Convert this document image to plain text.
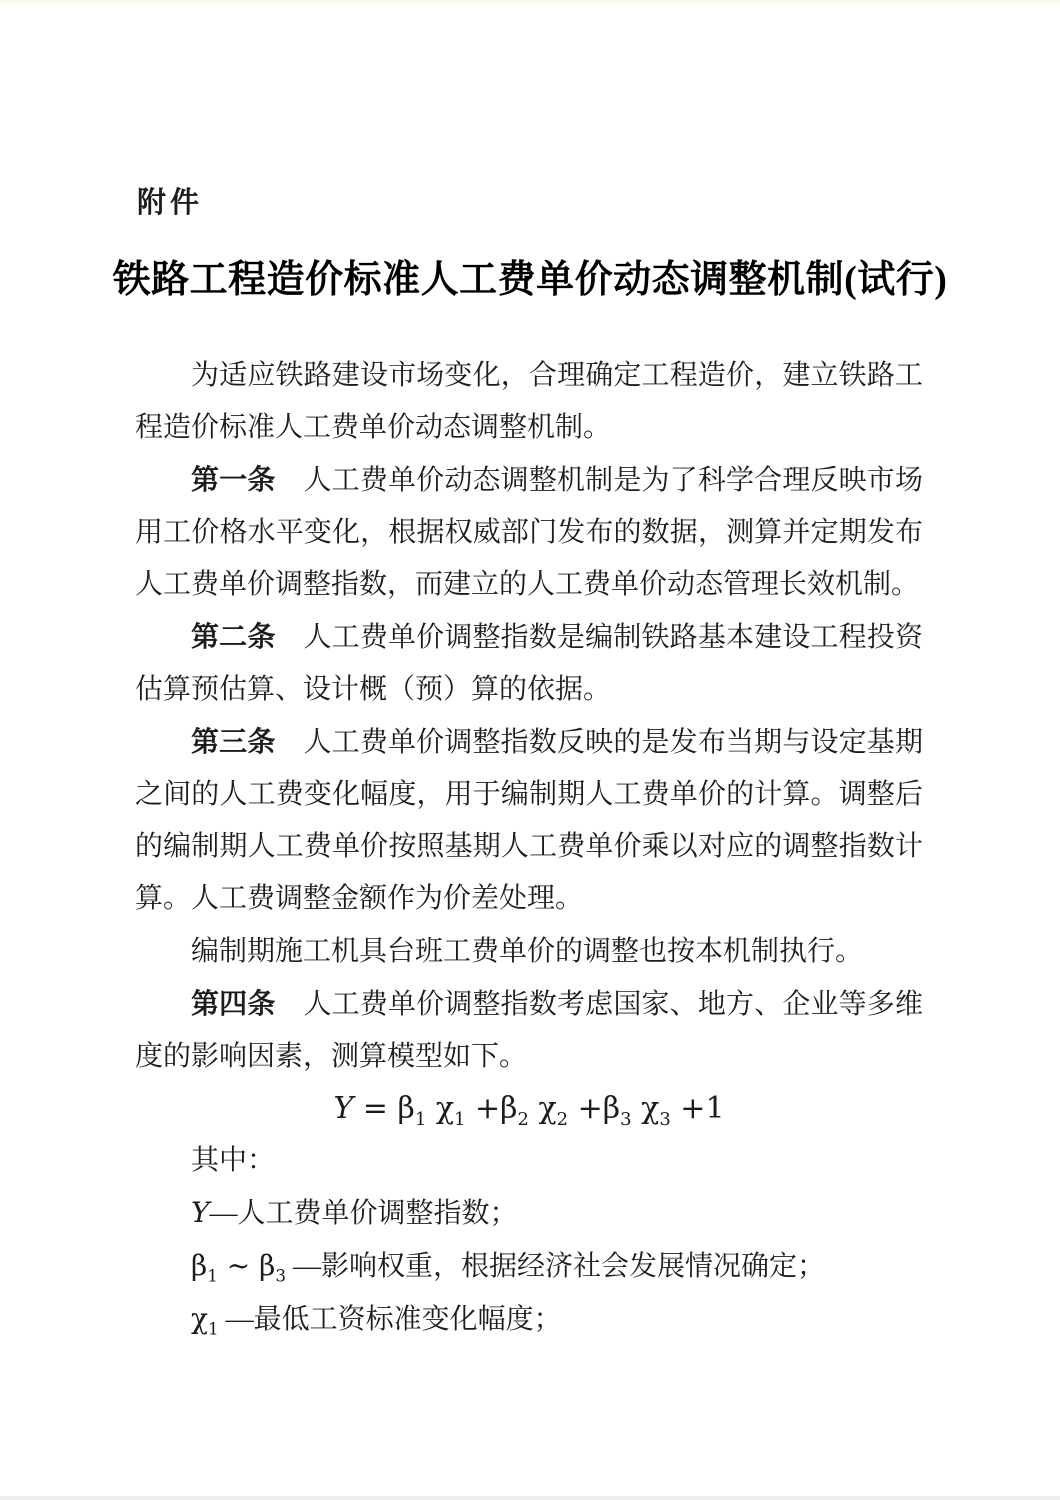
附件
铁路工程造价标准人工费单价动态调整机制(试行)

为适应铁路建设市场变化，合理确定工程造价，建立铁路工程造价标准人工费单价动态调整机制。

第一条 人工费单价动态调整机制是为了科学合理反映市场用工价格水平变化，根据权威部门发布的数据，测算并定期发布人工费单价调整指数，而建立的人工费单价动态管理长效机制。

第二条 人工费单价调整指数是编制铁路基本建设工程投资估算预估算、设计概（预）算的依据。

第三条 人工费单价调整指数反映的是发布当期与设定基期之间的人工费变化幅度，用于编制期人工费单价的计算。调整后的编制期人工费单价按照基期人工费单价乘以对应的调整指数计算。人工费调整金额作为价差处理。

编制期施工机具台班工费单价的调整也按本机制执行。

第四条 人工费单价调整指数考虑国家、地方、企业等多维度的影响因素，测算模型如下。

$Y = \beta_1$ $\chi_1 +\beta_2$ $\chi_2 +\beta_3$ $\chi_3 +1$

其中：

Y—人工费单价调整指数；

$\beta_1$ ~ $\beta_3$ —影响权重，根据经济社会发展情况确定；

$\chi_1$ —最低工资标准变化幅度；
